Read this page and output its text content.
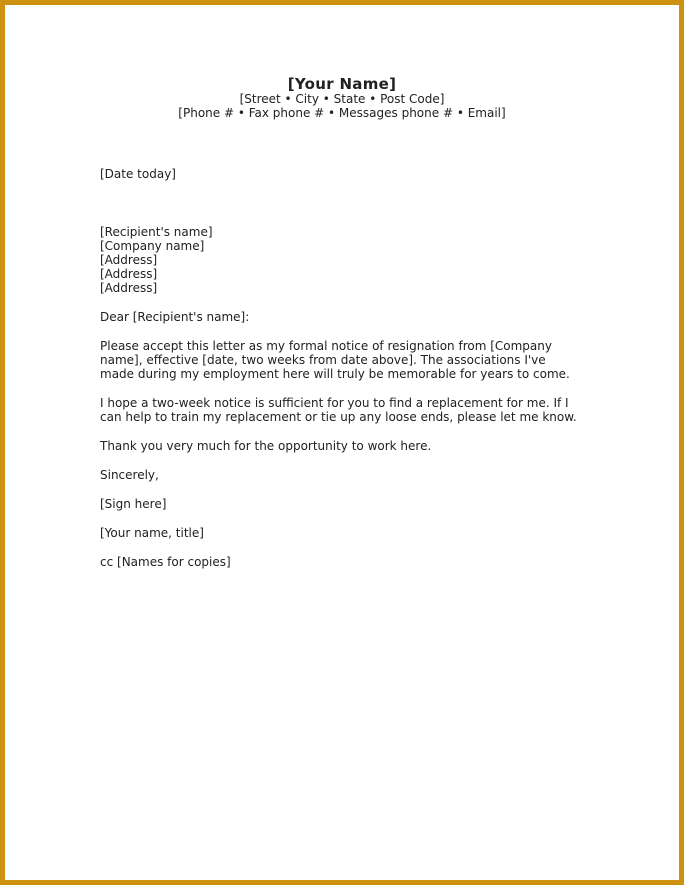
[Your Name]
[Street • City • State • Post Code]
[Phone # • Fax phone # • Messages phone # • Email]

[Date today]

[Recipient's name]
[Company name]
[Address]
[Address]
[Address]

Dear [Recipient's name]:

Please accept this letter as my formal notice of resignation from [Company name], effective [date, two weeks from date above]. The associations I've made during my employment here will truly be memorable for years to come.

I hope a two-week notice is sufficient for you to find a replacement for me. If I can help to train my replacement or tie up any loose ends, please let me know.

Thank you very much for the opportunity to work here.

Sincerely,

[Sign here]

[Your name, title]

cc [Names for copies]
